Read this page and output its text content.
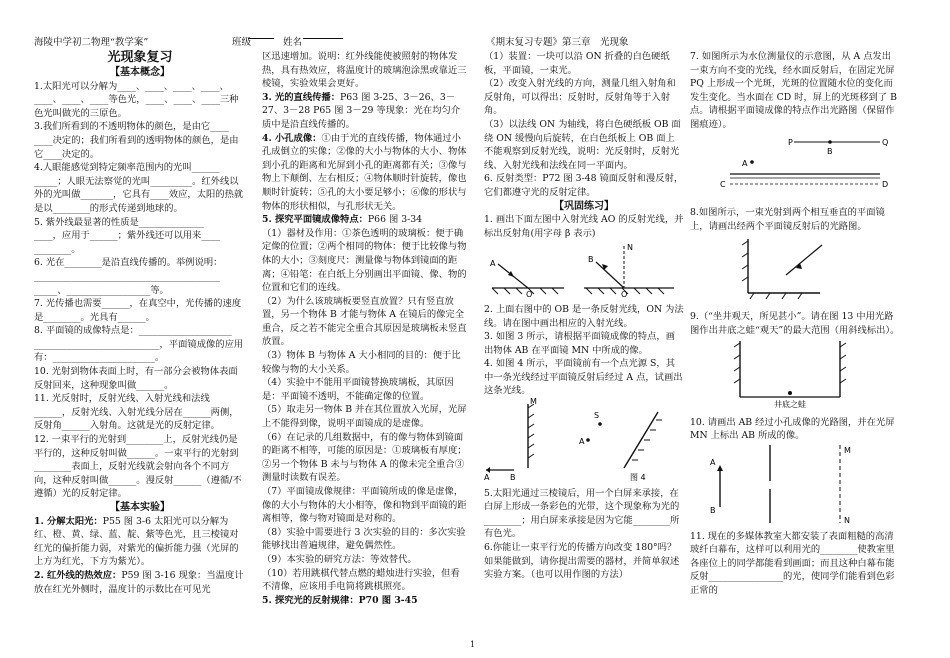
海陵中学初二物理“教学案”	班级	姓名	《期末复习专题》第三章　光现象

光现象复习

【基本概念】

1.太阳光可以分解为____、____、____、____、____、____、____等色光，____、____、____三种色光叫做光的三原色。

3.我们所看到的不透明物体的颜色，是由它____

____决定的；我们所看到的透明物体的颜色，是由它____决定的。

4.人眼能感觉到特定频率范围内的光叫______

_____；人眼无法察觉的光叫_________。红外线以外的光叫做_______，它具有____效应，太阳的热就是以________的形式传递到地球的。

5. 紫外线最显著的性质是______________

____，应用于______；紫外线还可以用来____

________。

6. 光在________是沿直线传播的。举例说明：

________________________________________

_____、__________________等。

7. 光传播也需要______，在真空中，光传播的速度是________。光具有______。

8. 平面镜的成像特点是：____________________

___________________________，平面镜成像的应用有：______________________。

10. 光射到物体表面上时，有一部分会被物体表面反射回来，这种现象叫做______。

11. 光反射时，反射光线、入射光线和法线______，反射光线、入射光线分居在______两侧，反射角______入射角。这就是光的反射定律。

12. 一束平行的光射到________上，反射光线仍是平行的，这种反射叫做______。一束平行的光射到________表面上，反射光线就会射向各个不同方向，这种反射叫做______。漫反射______（遵循/不遵循）光的反射定律。

【基本实验】

1. 分解太阳光：P55 图 3-6 太阳光可以分解为红、橙、黄、绿、蓝、靛、紫等色光，且三棱镜对红光的偏折能力弱，对紫光的偏折能力强（光屏的上方为红光，下方为紫光）。

2. 红外线的热效应：P59 图 3-16 现象：当温度计放在红光外侧时，温度计的示数比在可见光

区迅速增加。说明：红外线能使被照射的物体发热，具有热效应，将温度计的玻璃泡涂黑或靠近三棱镜，实验效果会更好。

3. 光的直线传播：P63 图 3-25、3－26、3－27、3－28 P65 图 3－29 等现象：光在均匀介质中是沿直线传播的。

4. 小孔成像：①由于光的直线传播，物体通过小孔成倒立的实像；②像的大小与物体的大小、物体到小孔的距离和光屏到小孔的距离都有关；③像与物上下颠倒、左右相反；④物体顺时针旋转，像也顺时针旋转；⑤孔的大小要足够小；⑥像的形状与物体的形状相似，与孔形状无关。

5. 探究平面镜成像特点：P66 图 3-34

（1）器材及作用：①茶色透明的玻璃板：便于确定像的位置；②两个相同的物体：便于比较像与物体的大小；③刻度尺：测量像与物体到镜面的距离；④铅笔：在白纸上分别画出平面镜、像、物的位置和它们的连线。

（2）为什么该玻璃板要竖直放置？只有竖直放置，另一个物体 B 才能与物体 A 在镜后的像完全重合，反之若不能完全重合其原因是玻璃板未竖直放置。

（3）物体 B 与物体 A 大小相同的目的：便于比较像与物的大小关系。

（4）实验中不能用平面镜替换玻璃板，其原因是：平面镜不透明，不能确定像的位置。

（5）取走另一物体 B 并在其位置放入光屏，光屏上不能得到像，说明平面镜成的是虚像。

（6）在记录的几组数据中，有的像与物体到镜面的距离不相等，可能的原因是：①玻璃板有厚度；②另一个物体 B 未与与物体 A 的像未完全重合③测量时读数有误差。

（7）平面镜成像规律：平面镜所成的像是虚像，像的大小与物体的大小相等，像和物到平面镜的距离相等，像与物对镜面是对称的。

（8）实验中需要进行 3 次实验的目的：多次实验能够找出普遍规律，避免偶然性。

（9）本实验的研究方法：等效替代。

（10）若用跳棋代替点燃的蜡烛进行实验，但看不清像，应该用手电筒将跳棋照亮。

5. 探究光的反射规律：P70 图 3-45

（1）装置：一块可以沿 ON 折叠的白色硬纸板，平面镜，一束光。

（2）改变入射光线的方向，测量几组入射角和反射角，可以得出：反射时，反射角等于入射角。

（3）以法线 ON 为轴线，将白色硬纸板 OB 面绕 ON 缓慢向后旋转，在白色纸板上 OB 面上不能观察到反射光线，说明：光反射时，反射光线、入射光线和法线在同一平面内。

6. 反射类型：P72 图 3-48 镜面反射和漫反射，它们都遵守光的反射定律。

【巩固练习】

1. 画出下面左图中入射光线 AO 的反射光线，并标出反射角(用字母 β 表示)

A
O
N
B
O

2. 上面右图中的 OB 是一条反射光线，ON 为法线。请在图中画出相应的入射光线。

3. 如图 3 所示，请根据平面镜成像的特点，画出物体 AB 在平面镜 MN 中所成的像。

4. 如图 4 所示，平面镜前有一个点光源 S，其中一条光线经过平面镜反射后经过 A 点，试画出这条光线。

A	B
M
S
A
图 4

5.太阳光通过三棱镜后，用一个白屏来承接，在白屏上形成一条彩色的光带，这个现象称为光的________；用白屏来承接是因为它能________所有色光。

6.你能让一束平行光的传播方向改变 180°吗？如果能做到，请你提出需要的器材，并简单叙述实验方案。（也可以用作图的方法）

7. 如图所示为水位测量仪的示意图，从 A 点发出一束方向不变的光线，经水面反射后，在固定光屏 PQ 上形成一个光斑，光斑的位置随水位的变化而发生变化。当水面在 CD 时，屏上的光斑移到了 B 点。请根据平面镜成像的特点作出光路图（保留作图痕迹）。

P	Q
A
B
C	D

8.如图所示，一束光射到两个相互垂直的平面镜上，请画出经两个平面镜反射后的光路图。

9.（“坐井观天，所见甚小”。请在图 13 中用光路图作出井底之蛙“观天”的最大范围（用斜线标出）。

井底之蛙

10. 请画出 AB 经过小孔成像的光路图，并在光屏 MN 上标出 AB 所成的像。

A
B
M
N

11. 现在的多媒体教室大都安装了表面粗糙的高清玻纤白幕布，这样可以利用光的________使教室里各座位上的同学都能看到画面；而且这种白幕布能反射________________的光，使同学们能看到色彩正常的

1
